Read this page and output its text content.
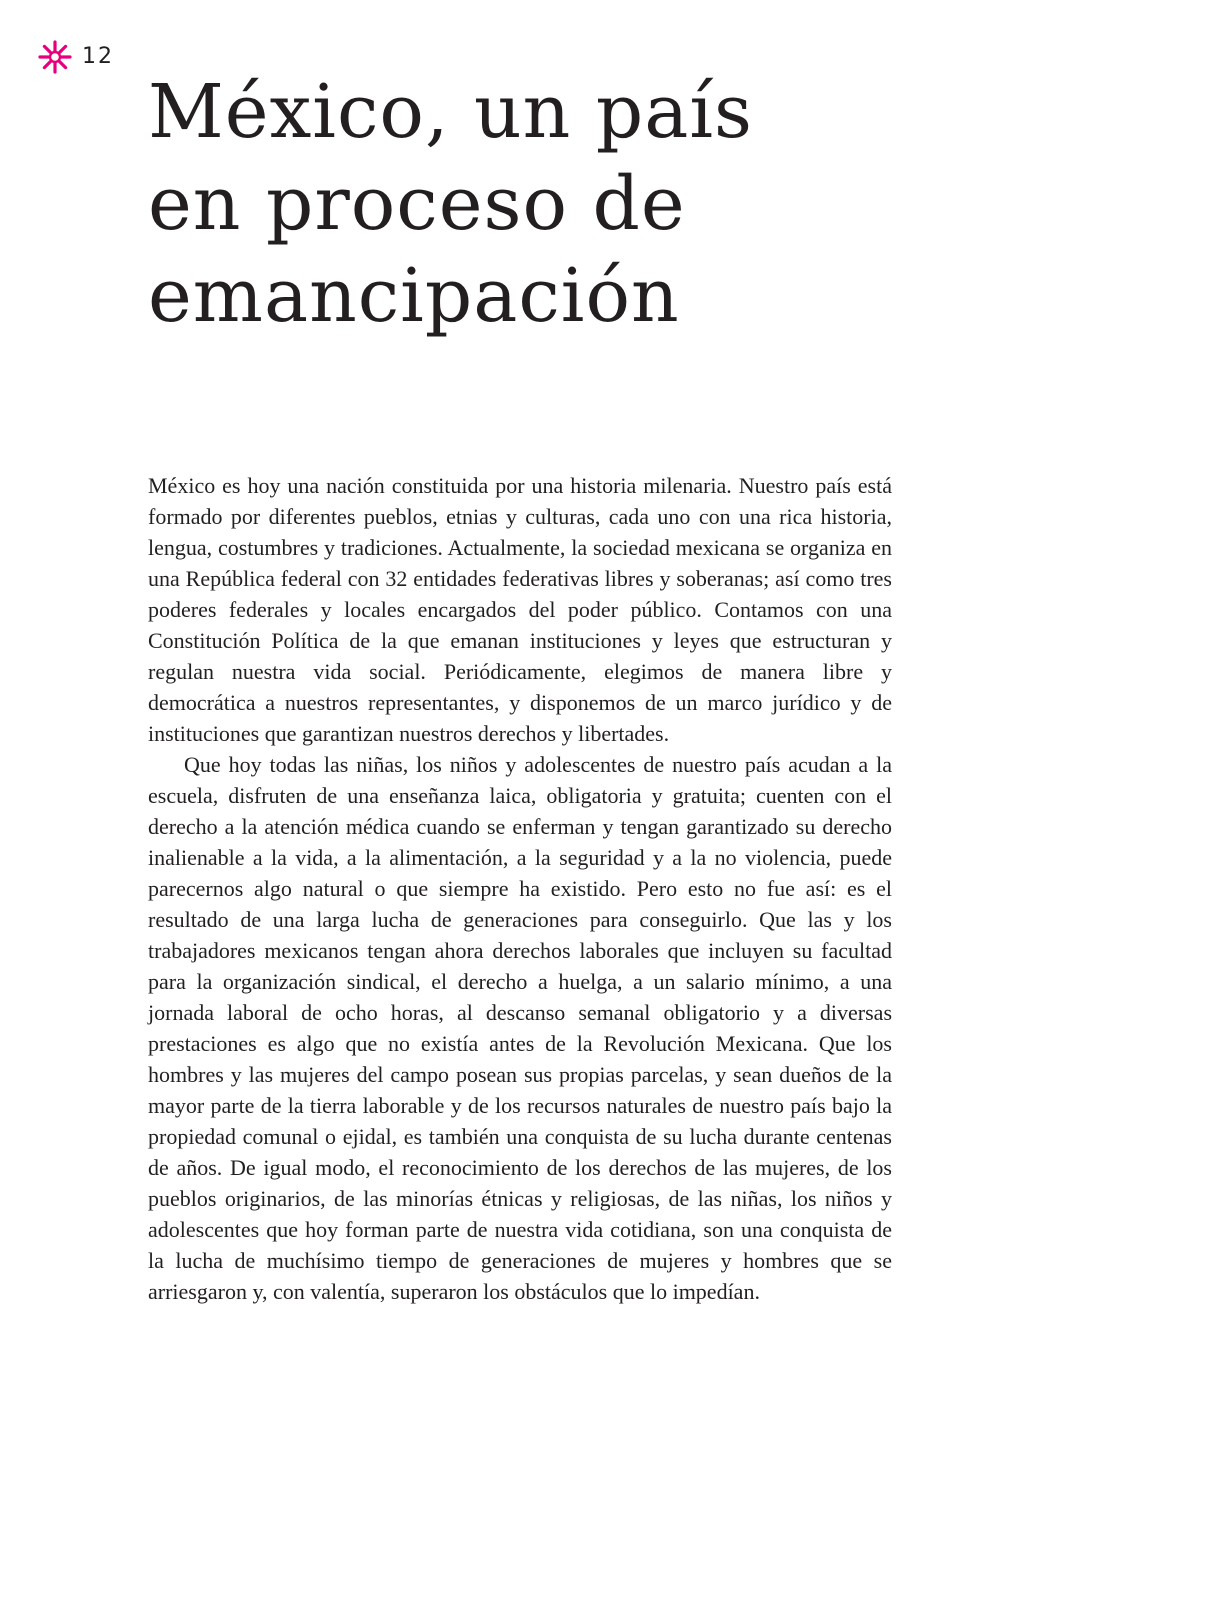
12
México, un país
en proceso de
emancipación

México es hoy una nación constituida por una historia milenaria. Nuestro país está formado por diferentes pueblos, etnias y culturas, cada uno con una rica historia, lengua, costumbres y tradiciones. Actualmente, la sociedad mexicana se organiza en una República federal con 32 entidades federativas libres y soberanas; así como tres poderes federales y locales encargados del poder público. Contamos con una Constitución Política de la que emanan instituciones y leyes que estructuran y regulan nuestra vida social. Periódicamente, elegimos de manera libre y democrática a nuestros representantes, y disponemos de un marco jurídico y de instituciones que garantizan nuestros derechos y libertades.

Que hoy todas las niñas, los niños y adolescentes de nuestro país acudan a la escuela, disfruten de una enseñanza laica, obligatoria y gratuita; cuenten con el derecho a la atención médica cuando se enferman y tengan garantizado su derecho inalienable a la vida, a la alimentación, a la seguridad y a la no violencia, puede parecernos algo natural o que siempre ha existido. Pero esto no fue así: es el resultado de una larga lucha de generaciones para conseguirlo. Que las y los trabajadores mexicanos tengan ahora derechos laborales que incluyen su facultad para la organización sindical, el derecho a huelga, a un salario mínimo, a una jornada laboral de ocho horas, al descanso semanal obligatorio y a diversas prestaciones es algo que no existía antes de la Revolución Mexicana. Que los hombres y las mujeres del campo posean sus propias parcelas, y sean dueños de la mayor parte de la tierra laborable y de los recursos naturales de nuestro país bajo la propiedad comunal o ejidal, es también una conquista de su lucha durante centenas de años. De igual modo, el reconocimiento de los derechos de las mujeres, de los pueblos originarios, de las minorías étnicas y religiosas, de las niñas, los niños y adolescentes que hoy forman parte de nuestra vida cotidiana, son una conquista de la lucha de muchísimo tiempo de generaciones de mujeres y hombres que se arriesgaron y, con valentía, superaron los obstáculos que lo impedían.
